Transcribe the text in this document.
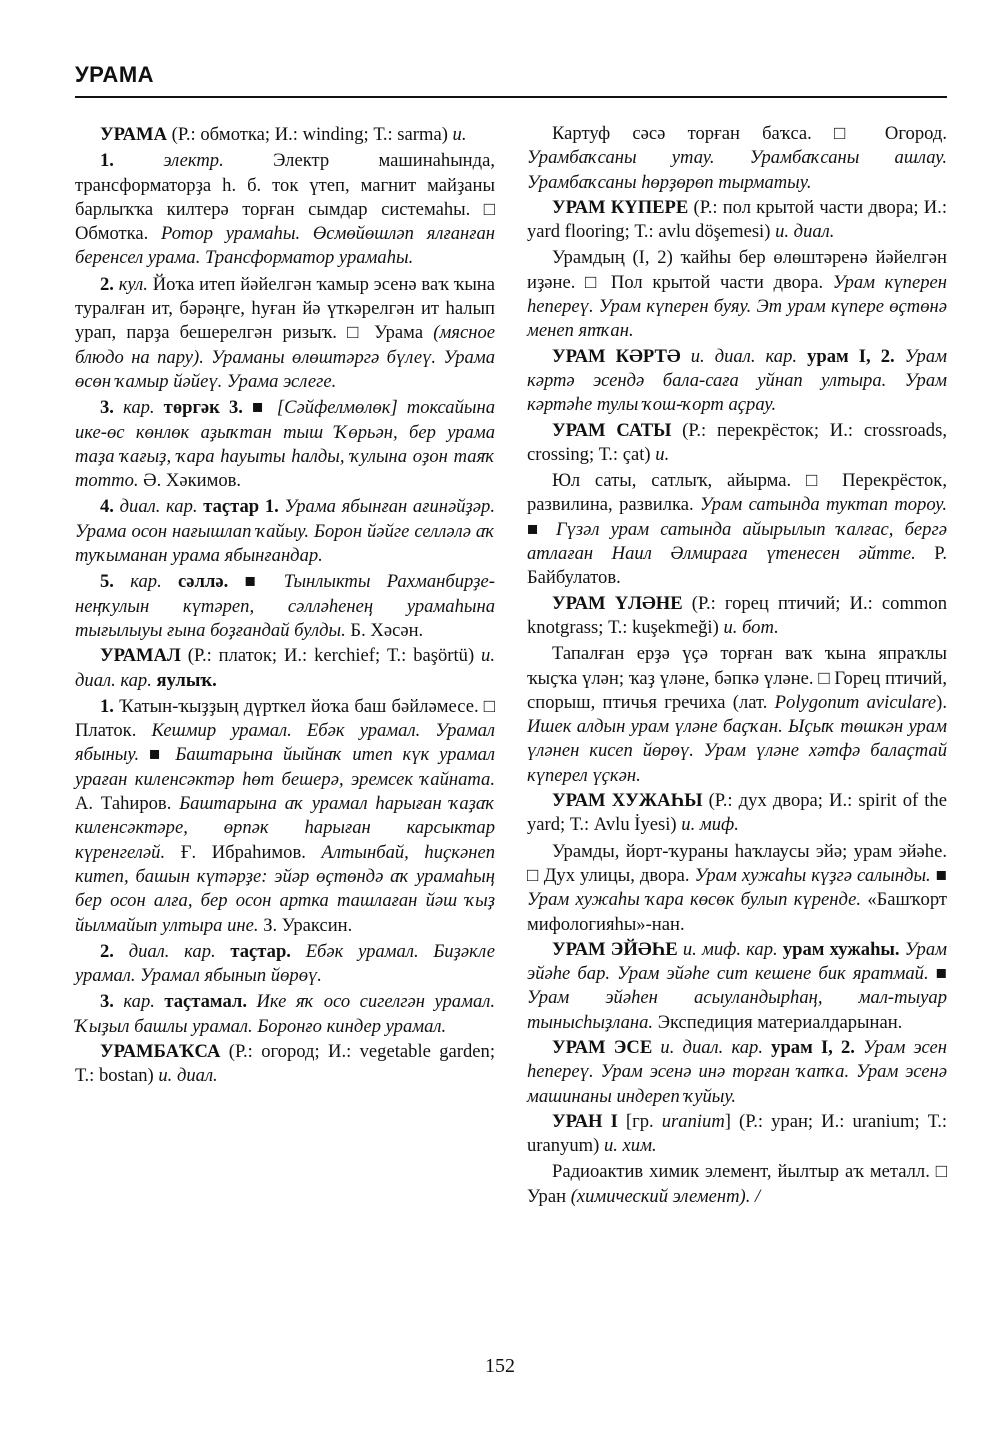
УРАМА

УРАМА (Р.: обмотка; И.: winding; Т.: sarma) и.

1. электр. Электр машинаһында, трансформаторҙа һ. б. ток үтеп, магнит майҙаны барлыҡҡа килтерә торған сымдар системаһы. □ Обмотка. Ротор урамаһы. Өсмөйөшләп ялғанған беренсел урама. Трансформатор урамаһы.

2. кул. Йоҡа итеп йәйелгән ҡамыр эсенә ваҡ ҡына туралған ит, бәрәңге, һуған йә үткәрелгән ит һалып урап, парҙа бешерелгән ризыҡ. □ Урама (мясное блюдо на пару). Ураманы өлөштәргә бүлеү. Урама өсөн ҡамыр йәйеү. Урама эслеге.

3. кар. төргәк 3. ■ [Сәйфелмөлөк] токсайына ике-өс көнлөк аҙыҡтан тыш Ҡөрьән, бер урама таҙа ҡағыҙ, ҡара һауыты һалды, ҡулына оҙон таяҡ тотто. Ә. Хәкимов.

4. диал. кар. таҫтар 1. Урама ябынған ағинәйҙәр. Урама осон нағышлап ҡайыу. Борон йәйге селләлә аҡ туҡыманан урама ябынғандар.

5. кар. сәллә. ■ Тынлыкты Рахманбирҙе-неңҡулын күтәреп, сәлләһенең урамаһына тығылыуы ғына боҙғандай булды. Б. Хәсән.

УРАМАЛ (Р.: платок; И.: kerchief; Т.: başörtü) и. диал. кар. яулыҡ.

1. Ҡатын-ҡыҙҙың дүрткел йоҡа баш бәйләмесе. □ Платок. Кешмир урамал. Ебәк урамал. Урамал ябыныу. ■ Баштарына йыйнаҡ итеп күк урамал ураған киленсәктәр һөт бешерә, эремсек ҡайната. А. Таһиров. Баштарына аҡ урамал һарыған ҡаҙаҡ киленсәктәре, өрпәк һарыған карсыктар күренгеләй. Ғ. Ибраһимов. Алтынбай, һиҫкәнеп китеп, башын күтәрҙе: эйәр өҫтөндә аҡ урамаһың бер осон алға, бер осон артка ташлаған йәш ҡыҙ йылмайып ултыра ине. З. Ураксин.

2. диал. кар. таҫтар. Ебәк урамал. Биҙәкле урамал. Урамал ябынып йөрөү.

3. кар. таҫтамал. Ике яҡ осо сигелгән урамал. Ҡыҙыл башлы урамал. Боронғо киндер урамал.

УРАМБАҠСА (Р.: огород; И.: vegetable garden; Т.: bostan) и. диал.

Картуф сәсә торған баҡса. □ Огород. Урамбаҡсаны утау. Урамбаҡсаны ашлау. Урамбаҡсаны һөрҙөрөп тырматыу.

УРАМ КҮПЕРЕ (Р.: пол крытой части двора; И.: yard flooring; Т.: avlu döşemesi) и. диал.

Урамдың (I, 2) ҡайһы бер өлөштәренә йәйелгән иҙәне. □ Пол крытой части двора. Урам күперен һепереү. Урам күперен буяу. Эт урам күпере өҫтөнә менеп ятҡан.

УРАМ КӘРТӘ и. диал. кар. урам I, 2. Урам кәртә эсендә бала-саға уйнап ултыра. Урам кәртәһе тулы ҡош-ҡорт аҫрау.

УРАМ САТЫ (Р.: перекрёсток; И.: crossroads, crossing; Т.: çat) и.

Юл саты, сатлыҡ, айырма. □ Перекрёсток, развилина, развилка. Урам сатында туктап тороу. ■ Гүзәл урам сатында айырылып ҡалғас, бергә атлаған Наил Әлмираға үтенесен әйтте. Р. Байбулатов.

УРАМ ҮЛӘНЕ (Р.: горец птичий; И.: common knotgrass; Т.: kuşekmeği) и. бот.

Тапалған ерҙә үҫә торған ваҡ ҡына япраҡлы ҡыҫҡа үлән; ҡаҙ үләне, бәпкә үләне. □ Горец птичий, спорыш, птичья гречиха (лат. Polygonum aviculare). Ишек алдын урам үләне баҫҡан. Ыҫыҡ төшкән урам үләнен кисеп йөрөү. Урам үләне хәтфә балаҫтай күперел үҫкән.

УРАМ ХУЖАҺЫ (Р.: дух двора; И.: spirit of the yard; Т.: Avlu İyesi) и. миф.

Урамды, йорт-ҡураны һаҡлаусы эйә; урам эйәһе. □ Дух улицы, двора. Урам хужаһы күҙгә салынды. ■ Урам хужаһы ҡара көсөк булып күренде. «Башҡорт мифологияһы»-нан.

УРАМ ЭЙӘҺЕ и. миф. кар. урам хужаһы. Урам эйәһе бар. Урам эйәһе сит кешене бик яратмай. ■ Урам эйәһен асыуландырһаң, мал-тыуар тыныcһыҙлана. Экспедиция материалдарынан.

УРАМ ЭСЕ и. диал. кар. урам I, 2. Урам эсен һепереү. Урам эсенә инә торған ҡапҡа. Урам эсенә машинаны индереп ҡуйыу.

УРАН I [гр. uranium] (Р.: уран; И.: uranium; Т.: uranyum) и. хим.

Радиоактив химик элемент, йылтыр аҡ металл. □ Уран (химический элемент). /

152
